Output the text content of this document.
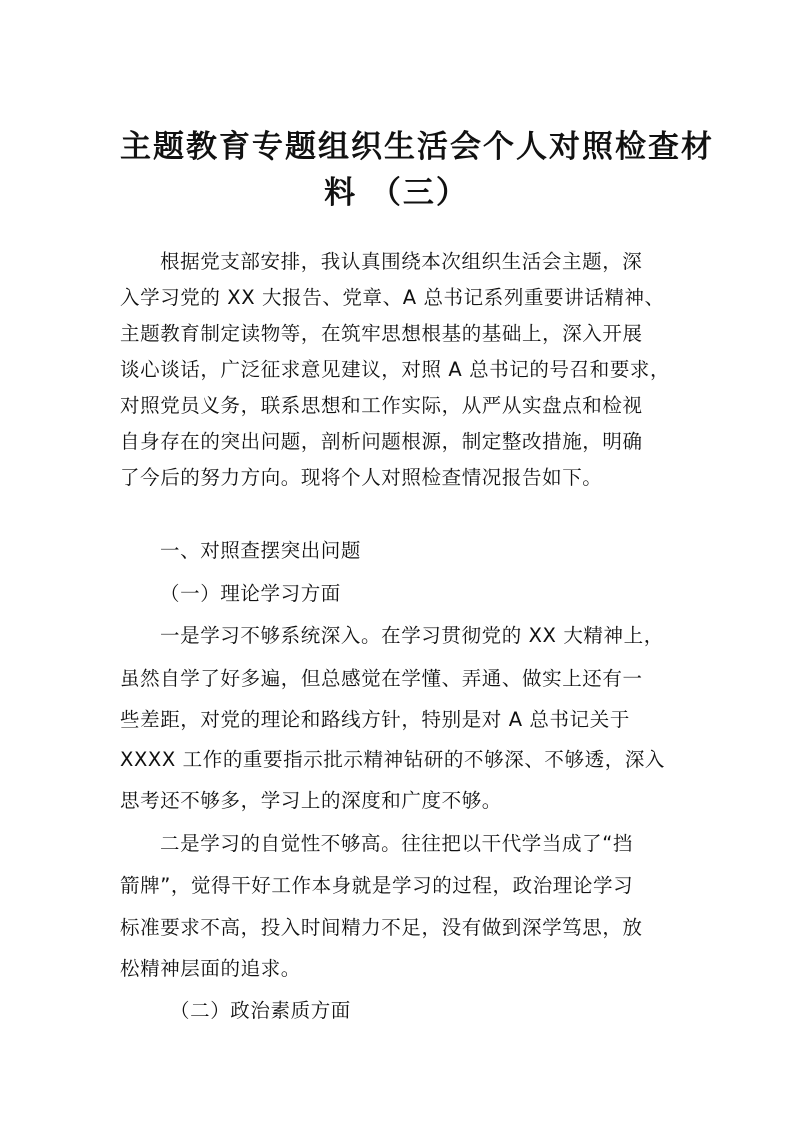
主题教育专题组织生活会个人对照检查材
料 （三）

根据党支部安排，我认真围绕本次组织生活会主题，深

入学习党的 XX 大报告、党章、A 总书记系列重要讲话精神、

主题教育制定读物等，在筑牢思想根基的基础上，深入开展

谈心谈话，广泛征求意见建议，对照 A 总书记的号召和要求，

对照党员义务，联系思想和工作实际，从严从实盘点和检视

自身存在的突出问题，剖析问题根源，制定整改措施，明确

了今后的努力方向。现将个人对照检查情况报告如下。

一、对照查摆突出问题

（一）理论学习方面

一是学习不够系统深入。在学习贯彻党的 XX 大精神上，

虽然自学了好多遍，但总感觉在学懂、弄通、做实上还有一

些差距，对党的理论和路线方针，特别是对 A 总书记关于

XXXX 工作的重要指示批示精神钻研的不够深、不够透，深入

思考还不够多，学习上的深度和广度不够。

二是学习的自觉性不够高。往往把以干代学当成了“挡

箭牌”，觉得干好工作本身就是学习的过程，政治理论学习

标准要求不高，投入时间精力不足，没有做到深学笃思，放

松精神层面的追求。

（二）政治素质方面
